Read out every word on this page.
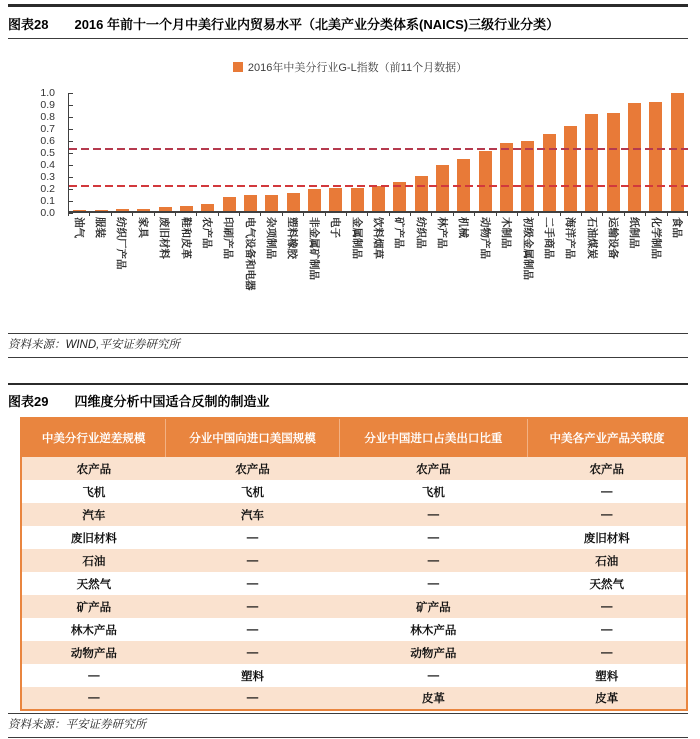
图表28 2016 年前十一个月中美行业内贸易水平（北美产业分类体系(NAICS)三级行业分类）
2016年中美分行业G-L指数（前11个月数据）
1.0
0.9
0.8
0.7
0.6
0.5
0.4
0.3
0.2
0.1
0.0
油气 服装 纺织厂产品 家具 废旧材料 鞋和皮革 农产品 印刷产品 电气设备和电器 杂项制品 塑料橡胶 非金属矿制品 电子 金属制品 饮料烟草 矿产品 纺织品 林产品 机械 动物产品 木制品 初级金属制品 二手商品 海洋产品 石油煤炭 运输设备 纸制品 化学制品 食品
资料来源：WIND,平安证券研究所
图表29 四维度分析中国适合反制的制造业
中美分行业逆差规模	分业中国向进口美国规模	分业中国进口占美出口比重	中美各产业产品关联度
农产品	农产品	农产品	农产品
飞机	飞机	飞机	—
汽车	汽车	—	—
废旧材料	—	—	废旧材料
石油	—	—	石油
天然气	—	—	天然气
矿产品	—	矿产品	—
林木产品	—	林木产品	—
动物产品	—	动物产品	—
—	塑料	—	塑料
—	—	皮革	皮革
资料来源：平安证券研究所
